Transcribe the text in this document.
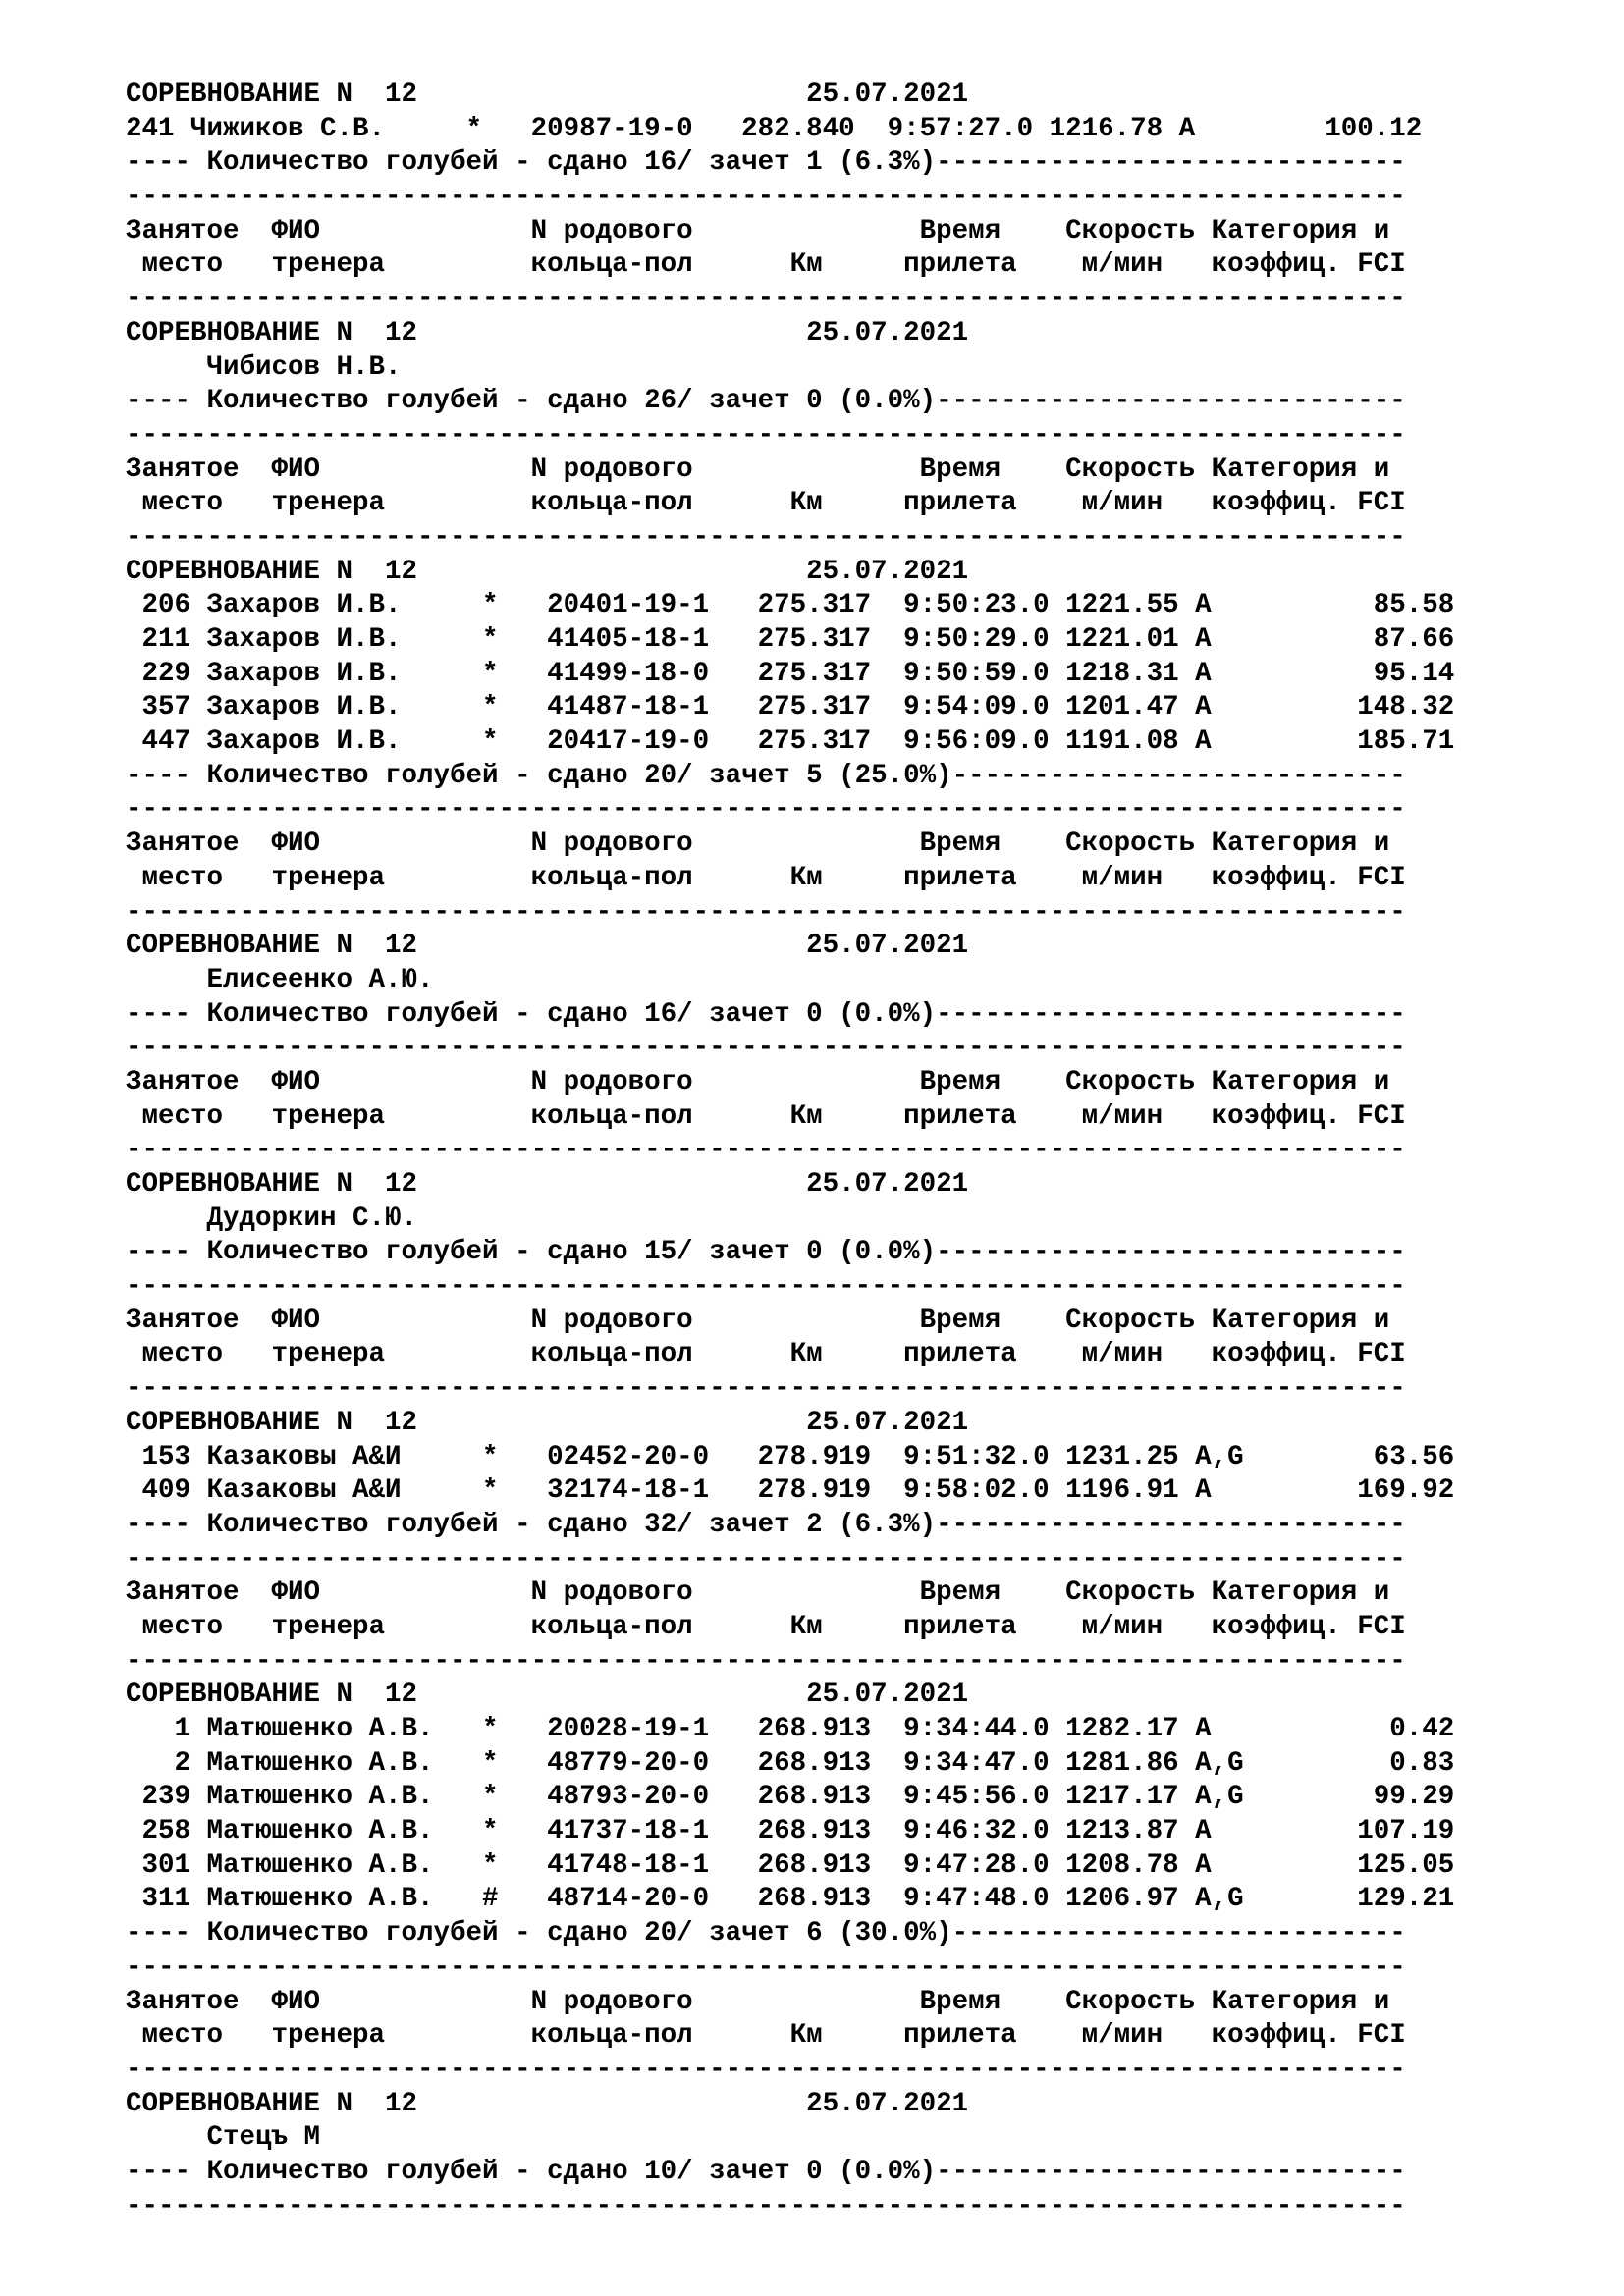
СОРЕВНОВАНИЕ N  12                        25.07.2021
241 Чижиков С.В.     *   20987-19-0   282.840  9:57:27.0 1216.78 A        100.12
---- Количество голубей - сдано 16/ зачет 1 (6.3%)-----------------------------
-------------------------------------------------------------------------------
Занятое  ФИО             N родового              Время    Скорость Категория и
место   тренера         кольца-пол      Км     прилета    м/мин   коэффиц. FCI
-------------------------------------------------------------------------------
СОРЕВНОВАНИЕ N  12                        25.07.2021
Чибисов Н.В.
---- Количество голубей - сдано 26/ зачет 0 (0.0%)-----------------------------
-------------------------------------------------------------------------------
Занятое  ФИО             N родового              Время    Скорость Категория и
место   тренера         кольца-пол      Км     прилета    м/мин   коэффиц. FCI
-------------------------------------------------------------------------------
СОРЕВНОВАНИЕ N  12                        25.07.2021
206 Захаров И.В.     *   20401-19-1   275.317  9:50:23.0 1221.55 A          85.58
211 Захаров И.В.     *   41405-18-1   275.317  9:50:29.0 1221.01 A          87.66
229 Захаров И.В.     *   41499-18-0   275.317  9:50:59.0 1218.31 A          95.14
357 Захаров И.В.     *   41487-18-1   275.317  9:54:09.0 1201.47 A         148.32
447 Захаров И.В.     *   20417-19-0   275.317  9:56:09.0 1191.08 A         185.71
---- Количество голубей - сдано 20/ зачет 5 (25.0%)----------------------------
-------------------------------------------------------------------------------
Занятое  ФИО             N родового              Время    Скорость Категория и
место   тренера         кольца-пол      Км     прилета    м/мин   коэффиц. FCI
-------------------------------------------------------------------------------
СОРЕВНОВАНИЕ N  12                        25.07.2021
Елисеенко А.Ю.
---- Количество голубей - сдано 16/ зачет 0 (0.0%)-----------------------------
-------------------------------------------------------------------------------
Занятое  ФИО             N родового              Время    Скорость Категория и
место   тренера         кольца-пол      Км     прилета    м/мин   коэффиц. FCI
-------------------------------------------------------------------------------
СОРЕВНОВАНИЕ N  12                        25.07.2021
Дудоркин С.Ю.
---- Количество голубей - сдано 15/ зачет 0 (0.0%)-----------------------------
-------------------------------------------------------------------------------
Занятое  ФИО             N родового              Время    Скорость Категория и
место   тренера         кольца-пол      Км     прилета    м/мин   коэффиц. FCI
-------------------------------------------------------------------------------
СОРЕВНОВАНИЕ N  12                        25.07.2021
153 Казаковы А&И     *   02452-20-0   278.919  9:51:32.0 1231.25 A,G        63.56
409 Казаковы А&И     *   32174-18-1   278.919  9:58:02.0 1196.91 A         169.92
---- Количество голубей - сдано 32/ зачет 2 (6.3%)-----------------------------
-------------------------------------------------------------------------------
Занятое  ФИО             N родового              Время    Скорость Категория и
место   тренера         кольца-пол      Км     прилета    м/мин   коэффиц. FCI
-------------------------------------------------------------------------------
СОРЕВНОВАНИЕ N  12                        25.07.2021
1 Матюшенко А.В.   *   20028-19-1   268.913  9:34:44.0 1282.17 A           0.42
2 Матюшенко А.В.   *   48779-20-0   268.913  9:34:47.0 1281.86 A,G         0.83
239 Матюшенко А.В.   *   48793-20-0   268.913  9:45:56.0 1217.17 A,G        99.29
258 Матюшенко А.В.   *   41737-18-1   268.913  9:46:32.0 1213.87 A         107.19
301 Матюшенко А.В.   *   41748-18-1   268.913  9:47:28.0 1208.78 A         125.05
311 Матюшенко А.В.   #   48714-20-0   268.913  9:47:48.0 1206.97 A,G       129.21
---- Количество голубей - сдано 20/ зачет 6 (30.0%)----------------------------
-------------------------------------------------------------------------------
Занятое  ФИО             N родового              Время    Скорость Категория и
место   тренера         кольца-пол      Км     прилета    м/мин   коэффиц. FCI
-------------------------------------------------------------------------------
СОРЕВНОВАНИЕ N  12                        25.07.2021
Стецъ М
---- Количество голубей - сдано 10/ зачет 0 (0.0%)-----------------------------
-------------------------------------------------------------------------------
